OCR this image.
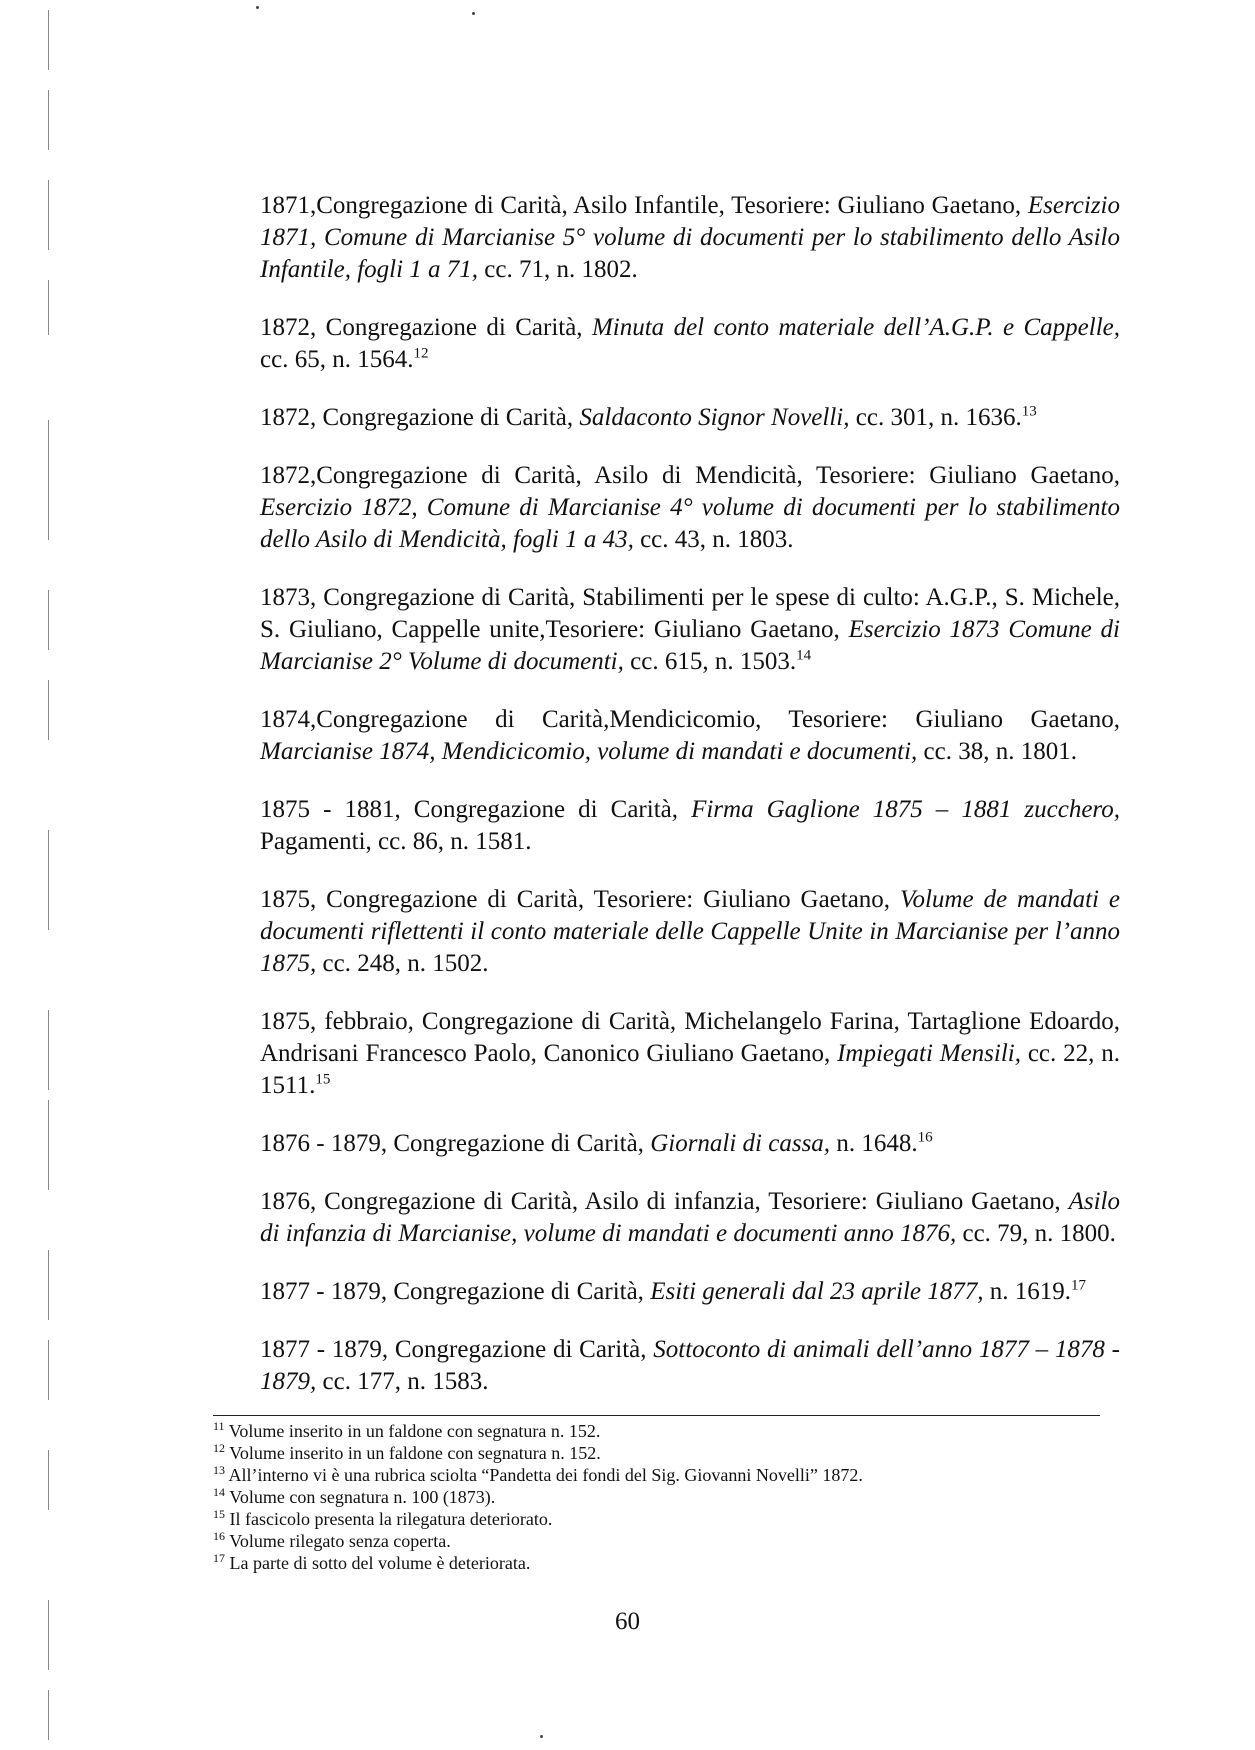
1871,Congregazione di Carità, Asilo Infantile, Tesoriere: Giuliano Gaetano, Esercizio 1871, Comune di Marcianise 5° volume di documenti per lo stabilimento dello Asilo Infantile, fogli 1 a 71, cc. 71, n. 1802.

1872, Congregazione di Carità, Minuta del conto materiale dell’A.G.P. e Cappelle, cc. 65, n. 1564.12

1872, Congregazione di Carità, Saldaconto Signor Novelli, cc. 301, n. 1636.13

1872,Congregazione di Carità, Asilo di Mendicità, Tesoriere: Giuliano Gaetano, Esercizio 1872, Comune di Marcianise 4° volume di documenti per lo stabilimento dello Asilo di Mendicità, fogli 1 a 43, cc. 43, n. 1803.

1873, Congregazione di Carità, Stabilimenti per le spese di culto: A.G.P., S. Michele, S. Giuliano, Cappelle unite,Tesoriere: Giuliano Gaetano, Esercizio 1873 Comune di Marcianise 2° Volume di documenti, cc. 615, n. 1503.14

1874,Congregazione di Carità,Mendicicomio, Tesoriere: Giuliano Gaetano, Marcianise 1874, Mendicicomio, volume di mandati e documenti, cc. 38, n. 1801.

1875 - 1881, Congregazione di Carità, Firma Gaglione 1875 – 1881 zucchero, Pagamenti, cc. 86, n. 1581.

1875, Congregazione di Carità, Tesoriere: Giuliano Gaetano, Volume de mandati e documenti riflettenti il conto materiale delle Cappelle Unite in Marcianise per l’anno 1875, cc. 248, n. 1502.

1875, febbraio, Congregazione di Carità, Michelangelo Farina, Tartaglione Edoardo, Andrisani Francesco Paolo, Canonico Giuliano Gaetano, Impiegati Mensili, cc. 22, n. 1511.15

1876 - 1879, Congregazione di Carità, Giornali di cassa, n. 1648.16

1876, Congregazione di Carità, Asilo di infanzia, Tesoriere: Giuliano Gaetano, Asilo di infanzia di Marcianise, volume di mandati e documenti anno 1876, cc. 79, n. 1800.

1877 - 1879, Congregazione di Carità, Esiti generali dal 23 aprile 1877, n. 1619.17

1877 - 1879, Congregazione di Carità, Sottoconto di animali dell’anno 1877 – 1878 - 1879, cc. 177, n. 1583.

$^{11}$ Volume inserito in un faldone con segnatura n. 152.

$^{12}$ Volume inserito in un faldone con segnatura n. 152.

$^{13}$ All’interno vi è una rubrica sciolta “Pandetta dei fondi del Sig. Giovanni Novelli” 1872.

$^{14}$ Volume con segnatura n. 100 (1873).

$^{15}$ Il fascicolo presenta la rilegatura deteriorato.

$^{16}$ Volume rilegato senza coperta.

$^{17}$ La parte di sotto del volume è deteriorata.

60
